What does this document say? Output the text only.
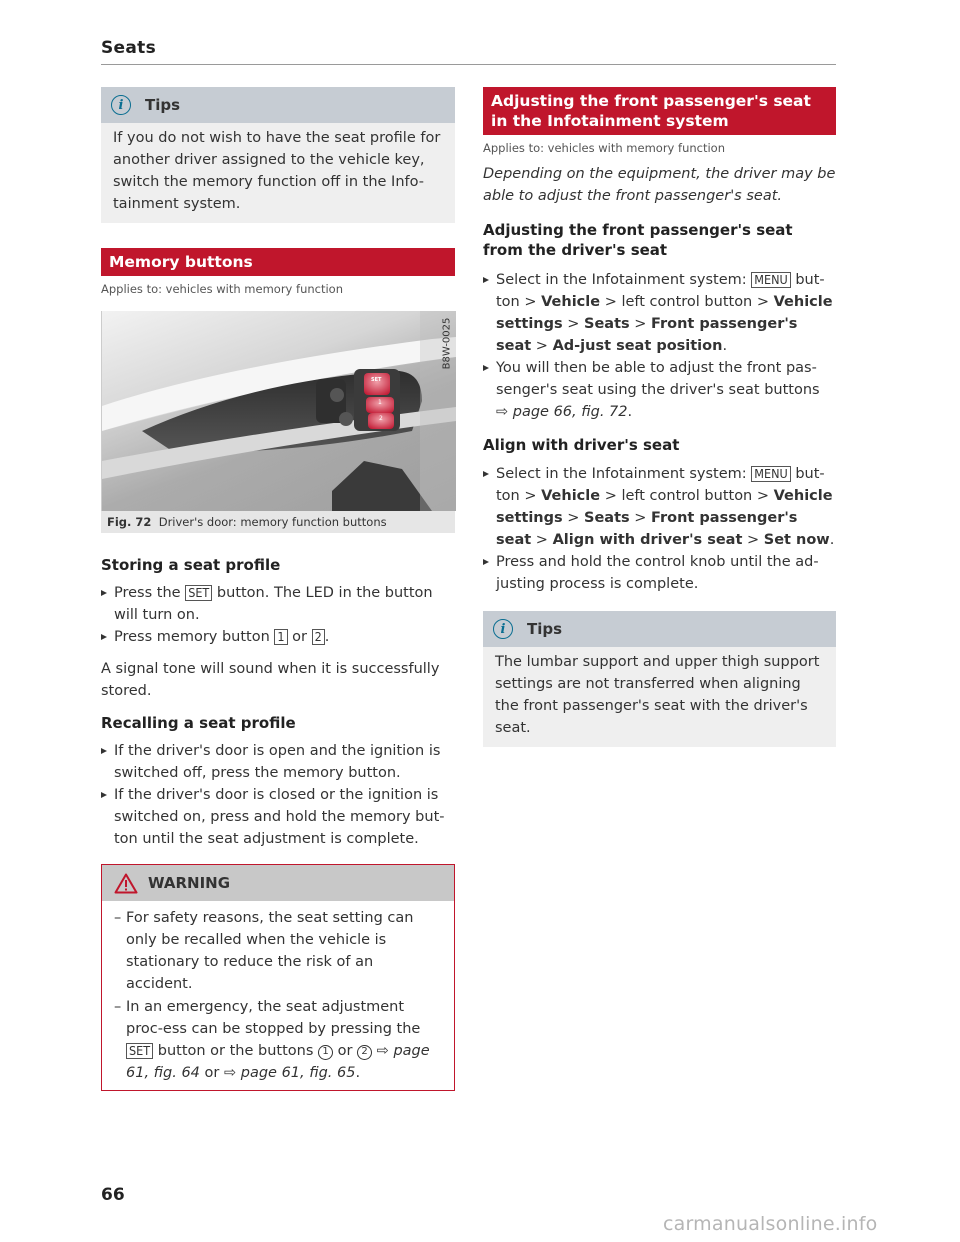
Seats
i	Tips
If you do not wish to have the seat profile for another driver assigned to the vehicle key, switch the memory function off in the Info-tainment system.
Memory buttons
Applies to: vehicles with memory function
B8W-0025
SET
1
2
Fig. 72 Driver's door: memory function buttons
Storing a seat profile
Press the SET button. The LED in the button will turn on.
Press memory button 1 or 2 .
A signal tone will sound when it is successfully stored.
Recalling a seat profile
If the driver's door is open and the ignition is switched off, press the memory button.
If the driver's door is closed or the ignition is switched on, press and hold the memory but-ton until the seat adjustment is complete.
WARNING
– For safety reasons, the seat setting can only be recalled when the vehicle is stationary to reduce the risk of an accident.
– In an emergency, the seat adjustment proc-ess can be stopped by pressing the SET button or the buttons 1 or 2 ⇨ page 61, fig. 64 or ⇨ page 61, fig. 65.
Adjusting the front passenger's seat in the Infotainment system
Applies to: vehicles with memory function
Depending on the equipment, the driver may be able to adjust the front passenger's seat.
Adjusting the front passenger's seat from the driver's seat
Select in the Infotainment system: MENU but-ton > Vehicle > left control button > Vehicle settings > Seats > Front passenger's seat > Ad-just seat position.
You will then be able to adjust the front pas-senger's seat using the driver's seat buttons ⇨ page 66, fig. 72.
Align with driver's seat
Select in the Infotainment system: MENU but-ton > Vehicle > left control button > Vehicle settings > Seats > Front passenger's seat > Align with driver's seat > Set now.
Press and hold the control knob until the ad-justing process is complete.
i	Tips
The lumbar support and upper thigh support settings are not transferred when aligning the front passenger's seat with the driver's seat.
66
carmanualsonline.info
